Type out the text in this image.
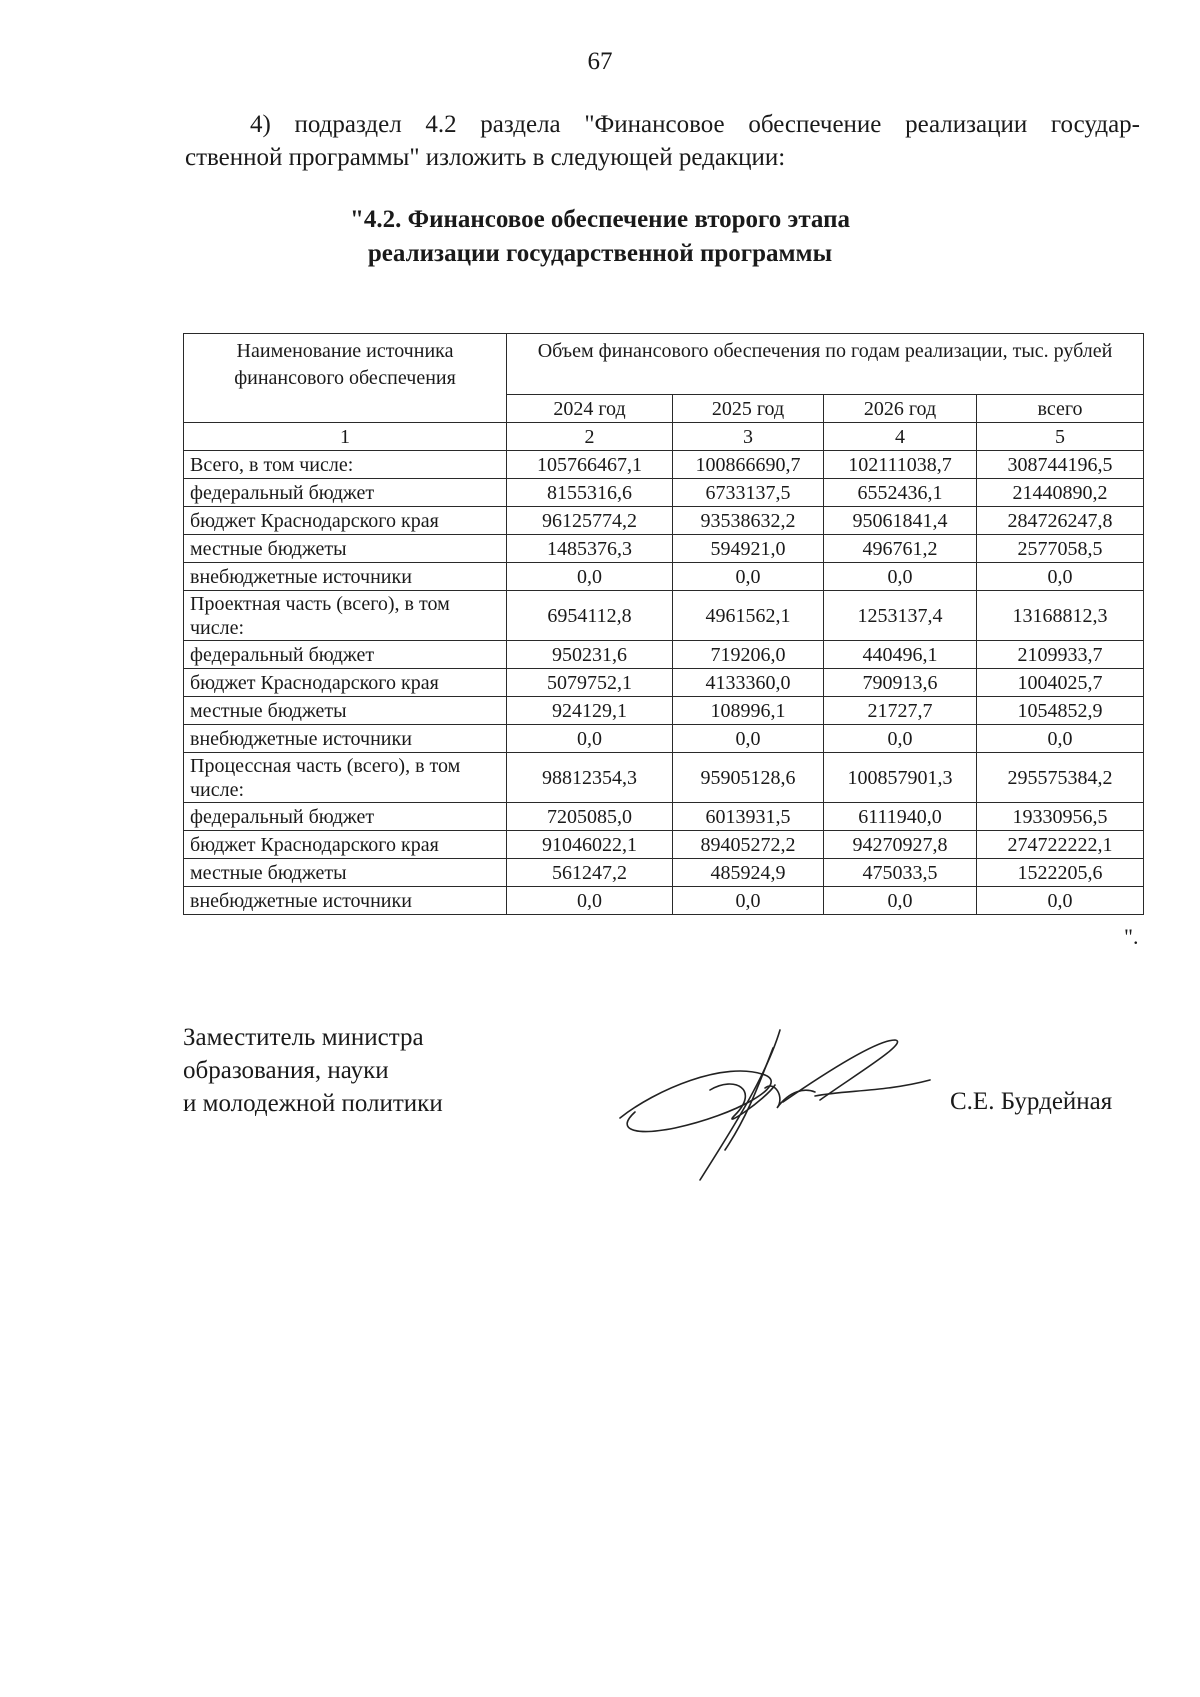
67
4) подраздел 4.2 раздела "Финансовое обеспечение реализации государ-
ственной программы" изложить в следующей редакции:
"4.2. Финансовое обеспечение второго этапа
реализации государственной программы
Наименование источника финансового обеспечения	Объем финансового обеспечения по годам реализации, тыс. рублей			
	2024 год	2025 год	2026 год	всего
1	2	3	4	5
Всего, в том числе:	105766467,1	100866690,7	102111038,7	308744196,5
федеральный бюджет	8155316,6	6733137,5	6552436,1	21440890,2
бюджет Краснодарского края	96125774,2	93538632,2	95061841,4	284726247,8
местные бюджеты	1485376,3	594921,0	496761,2	2577058,5
внебюджетные источники	0,0	0,0	0,0	0,0
Проектная часть (всего), в том числе:	6954112,8	4961562,1	1253137,4	13168812,3
федеральный бюджет	950231,6	719206,0	440496,1	2109933,7
бюджет Краснодарского края	5079752,1	4133360,0	790913,6	1004025,7
местные бюджеты	924129,1	108996,1	21727,7	1054852,9
внебюджетные источники	0,0	0,0	0,0	0,0
Процессная часть (всего), в том числе:	98812354,3	95905128,6	100857901,3	295575384,2
федеральный бюджет	7205085,0	6013931,5	6111940,0	19330956,5
бюджет Краснодарского края	91046022,1	89405272,2	94270927,8	274722222,1
местные бюджеты	561247,2	485924,9	475033,5	1522205,6
внебюджетные источники	0,0	0,0	0,0	0,0
".
Заместитель министра
образования, науки
и молодежной политики	С.Е. Бурдейная
